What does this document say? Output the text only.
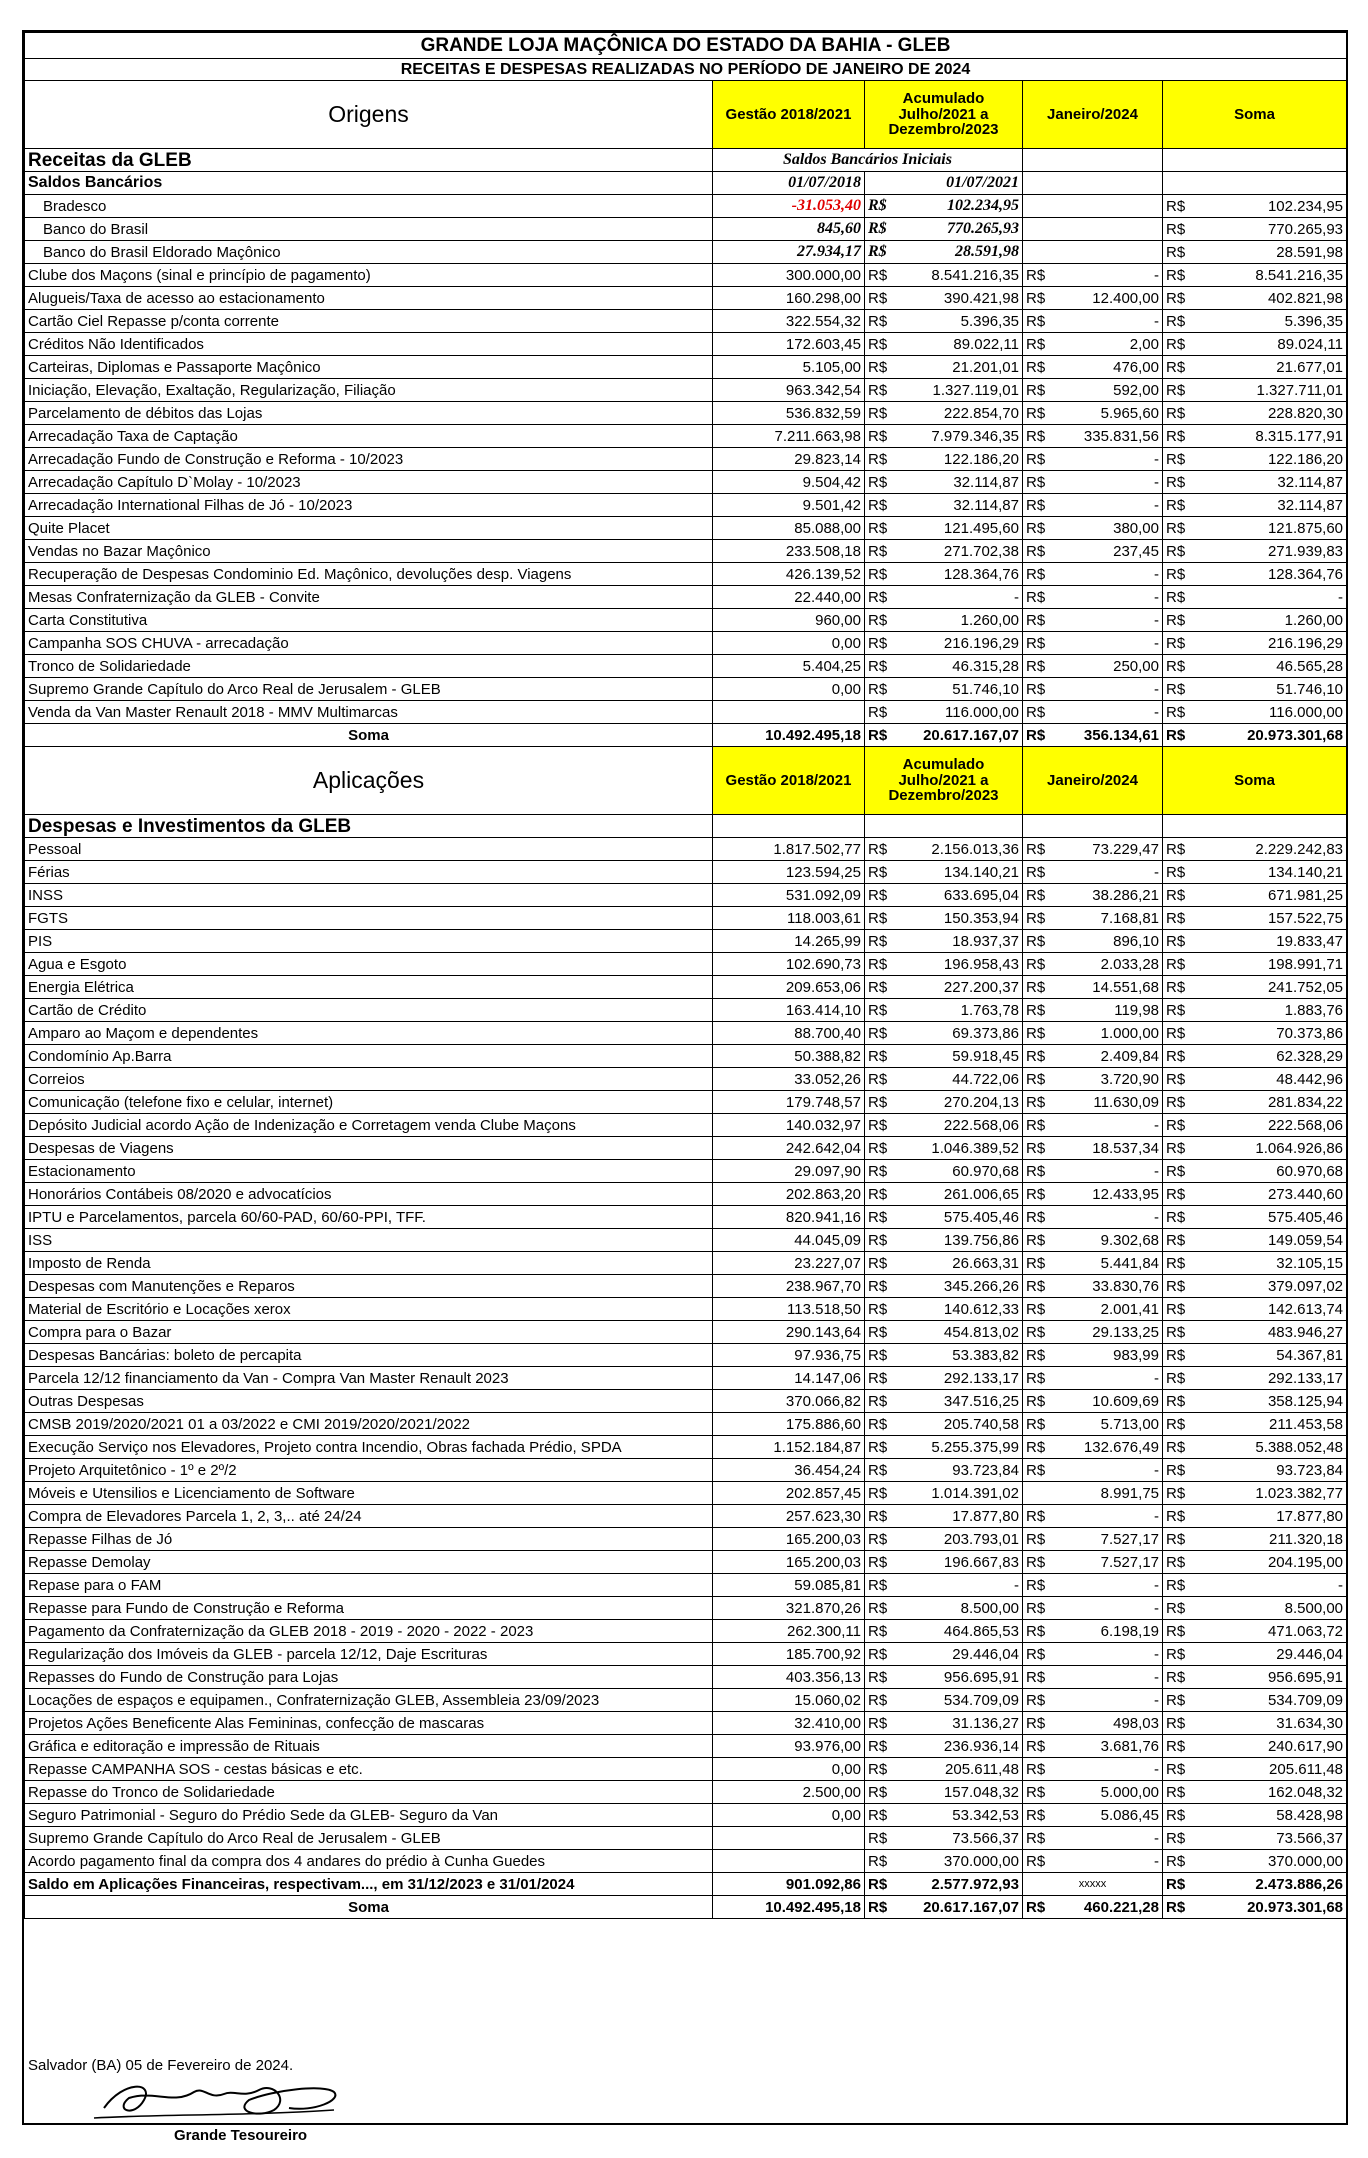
GRANDE LOJA MAÇÔNICA DO ESTADO DA BAHIA - GLEB				
RECEITAS E DESPESAS REALIZADAS NO PERÍODO DE JANEIRO DE 2024				
Origens	Gestão 2018/2021	Acumulado Julho/2021 a Dezembro/2023	Janeiro/2024	Soma
Receitas da GLEB	Saldos Bancários Iniciais			
Saldos Bancários	01/07/2018	01/07/2021		
Bradesco	-31.053,40	R$ 102.234,95		R$ 102.234,95

Banco do Brasil	845,60	R$ 770.265,93		R$ 770.265,93

Banco do Brasil Eldorado Maçônico	27.934,17	R$ 28.591,98		R$ 28.591,98

Clube dos Maçons (sinal e princípio de pagamento)	300.000,00	R$ 8.541.216,35	R$ -	R$ 8.541.216,35

Alugueis/Taxa de acesso ao estacionamento	160.298,00	R$ 390.421,98	R$ 12.400,00	R$ 402.821,98

Cartão Ciel Repasse p/conta corrente	322.554,32	R$ 5.396,35	R$ -	R$ 5.396,35

Créditos Não Identificados	172.603,45	R$ 89.022,11	R$ 2,00	R$ 89.024,11

Carteiras, Diplomas e Passaporte Maçônico	5.105,00	R$ 21.201,01	R$ 476,00	R$ 21.677,01

Iniciação, Elevação, Exaltação, Regularização, Filiação	963.342,54	R$ 1.327.119,01	R$ 592,00	R$ 1.327.711,01

Parcelamento de débitos das Lojas	536.832,59	R$ 222.854,70	R$ 5.965,60	R$ 228.820,30

Arrecadação Taxa de Captação	7.211.663,98	R$ 7.979.346,35	R$ 335.831,56	R$ 8.315.177,91

Arrecadação Fundo de Construção e Reforma - 10/2023	29.823,14	R$ 122.186,20	R$ -	R$ 122.186,20

Arrecadação Capítulo D`Molay - 10/2023	9.504,42	R$ 32.114,87	R$ -	R$ 32.114,87

Arrecadação International Filhas de Jó - 10/2023	9.501,42	R$ 32.114,87	R$ -	R$ 32.114,87

Quite Placet	85.088,00	R$ 121.495,60	R$ 380,00	R$ 121.875,60

Vendas no Bazar Maçônico	233.508,18	R$ 271.702,38	R$ 237,45	R$ 271.939,83

Recuperação de Despesas Condominio Ed. Maçônico, devoluções desp. Viagens	426.139,52	R$ 128.364,76	R$ -	R$ 128.364,76

Mesas Confraternização da GLEB - Convite	22.440,00	R$ -	R$ -	R$ -

Carta Constitutiva	960,00	R$ 1.260,00	R$ -	R$ 1.260,00

Campanha SOS CHUVA - arrecadação	0,00	R$ 216.196,29	R$ -	R$ 216.196,29

Tronco de Solidariedade	5.404,25	R$ 46.315,28	R$ 250,00	R$ 46.565,28

Supremo Grande Capítulo do Arco Real de Jerusalem - GLEB	0,00	R$ 51.746,10	R$ -	R$ 51.746,10

Venda da Van Master Renault 2018 - MMV Multimarcas		R$ 116.000,00	R$ -	R$ 116.000,00

Soma	10.492.495,18	R$ 20.617.167,07	R$ 356.134,61	R$ 20.973.301,68

Aplicações	Gestão 2018/2021	Acumulado Julho/2021 a Dezembro/2023	Janeiro/2024	Soma
Despesas e Investimentos da GLEB				
Pessoal	1.817.502,77	R$ 2.156.013,36	R$ 73.229,47	R$ 2.229.242,83

Férias	123.594,25	R$ 134.140,21	R$ -	R$ 134.140,21

INSS	531.092,09	R$ 633.695,04	R$ 38.286,21	R$ 671.981,25

FGTS	118.003,61	R$ 150.353,94	R$ 7.168,81	R$ 157.522,75

PIS	14.265,99	R$ 18.937,37	R$ 896,10	R$ 19.833,47

Agua e Esgoto	102.690,73	R$ 196.958,43	R$ 2.033,28	R$ 198.991,71

Energia Elétrica	209.653,06	R$ 227.200,37	R$ 14.551,68	R$ 241.752,05

Cartão de Crédito	163.414,10	R$ 1.763,78	R$ 119,98	R$ 1.883,76

Amparo ao Maçom e dependentes	88.700,40	R$ 69.373,86	R$ 1.000,00	R$ 70.373,86

Condomínio Ap.Barra	50.388,82	R$ 59.918,45	R$ 2.409,84	R$ 62.328,29

Correios	33.052,26	R$ 44.722,06	R$ 3.720,90	R$ 48.442,96

Comunicação (telefone fixo e celular, internet)	179.748,57	R$ 270.204,13	R$ 11.630,09	R$ 281.834,22

Depósito Judicial acordo Ação de Indenização e Corretagem venda Clube Maçons	140.032,97	R$ 222.568,06	R$ -	R$ 222.568,06

Despesas de Viagens	242.642,04	R$ 1.046.389,52	R$ 18.537,34	R$ 1.064.926,86

Estacionamento	29.097,90	R$ 60.970,68	R$ -	R$ 60.970,68

Honorários Contábeis 08/2020 e advocatícios	202.863,20	R$ 261.006,65	R$ 12.433,95	R$ 273.440,60

IPTU e Parcelamentos, parcela 60/60-PAD, 60/60-PPI, TFF.	820.941,16	R$ 575.405,46	R$ -	R$ 575.405,46

ISS	44.045,09	R$ 139.756,86	R$ 9.302,68	R$ 149.059,54

Imposto de Renda	23.227,07	R$ 26.663,31	R$ 5.441,84	R$ 32.105,15

Despesas com Manutenções e Reparos	238.967,70	R$ 345.266,26	R$ 33.830,76	R$ 379.097,02

Material de Escritório e Locações xerox	113.518,50	R$ 140.612,33	R$ 2.001,41	R$ 142.613,74

Compra para o Bazar	290.143,64	R$ 454.813,02	R$ 29.133,25	R$ 483.946,27

Despesas Bancárias: boleto de percapita	97.936,75	R$ 53.383,82	R$ 983,99	R$ 54.367,81

Parcela 12/12 financiamento da Van - Compra Van Master Renault 2023	14.147,06	R$ 292.133,17	R$ -	R$ 292.133,17

Outras Despesas	370.066,82	R$ 347.516,25	R$ 10.609,69	R$ 358.125,94

CMSB 2019/2020/2021 01 a 03/2022 e CMI 2019/2020/2021/2022	175.886,60	R$ 205.740,58	R$ 5.713,00	R$ 211.453,58

Execução Serviço nos Elevadores, Projeto contra Incendio, Obras fachada Prédio, SPDA	1.152.184,87	R$ 5.255.375,99	R$ 132.676,49	R$ 5.388.052,48

Projeto Arquitetônico - 1º e 2º/2	36.454,24	R$ 93.723,84	R$ -	R$ 93.723,84

Móveis e Utensilios e Licenciamento de Software	202.857,45	R$ 1.014.391,02	8.991,75	R$ 1.023.382,77

Compra de Elevadores Parcela 1, 2, 3,.. até 24/24	257.623,30	R$ 17.877,80	R$ -	R$ 17.877,80

Repasse Filhas de Jó	165.200,03	R$ 203.793,01	R$ 7.527,17	R$ 211.320,18

Repasse Demolay	165.200,03	R$ 196.667,83	R$ 7.527,17	R$ 204.195,00

Repase para o FAM	59.085,81	R$ -	R$ -	R$ -

Repasse para Fundo de Construção e Reforma	321.870,26	R$ 8.500,00	R$ -	R$ 8.500,00

Pagamento da Confraternização da GLEB 2018 - 2019 - 2020 - 2022 - 2023	262.300,11	R$ 464.865,53	R$ 6.198,19	R$ 471.063,72

Regularização dos Imóveis da GLEB - parcela 12/12, Daje Escrituras	185.700,92	R$ 29.446,04	R$ -	R$ 29.446,04

Repasses do Fundo de Construção para Lojas	403.356,13	R$ 956.695,91	R$ -	R$ 956.695,91

Locações de espaços e equipamen., Confraternização GLEB, Assembleia 23/09/2023	15.060,02	R$ 534.709,09	R$ -	R$ 534.709,09

Projetos Ações Beneficente Alas Femininas, confecção de mascaras	32.410,00	R$ 31.136,27	R$ 498,03	R$ 31.634,30

Gráfica e editoração e impressão de Rituais	93.976,00	R$ 236.936,14	R$ 3.681,76	R$ 240.617,90

Repasse CAMPANHA SOS - cestas básicas e etc.	0,00	R$ 205.611,48	R$ -	R$ 205.611,48

Repasse do Tronco de Solidariedade	2.500,00	R$ 157.048,32	R$ 5.000,00	R$ 162.048,32

Seguro Patrimonial - Seguro do Prédio Sede da GLEB- Seguro da Van	0,00	R$ 53.342,53	R$ 5.086,45	R$ 58.428,98

Supremo Grande Capítulo do Arco Real de Jerusalem - GLEB		R$ 73.566,37	R$ -	R$ 73.566,37

Acordo pagamento final da compra dos 4 andares do prédio à Cunha Guedes		R$ 370.000,00	R$ -	R$ 370.000,00

Saldo em Aplicações Financeiras, respectivam..., em 31/12/2023 e 31/01/2024	901.092,86	R$ 2.577.972,93	xxxxx	R$ 2.473.886,26

Soma	10.492.495,18	R$ 20.617.167,07	R$ 460.221,28	R$ 20.973.301,68
Salvador (BA) 05 de Fevereiro de 2024.
Grande Tesoureiro
